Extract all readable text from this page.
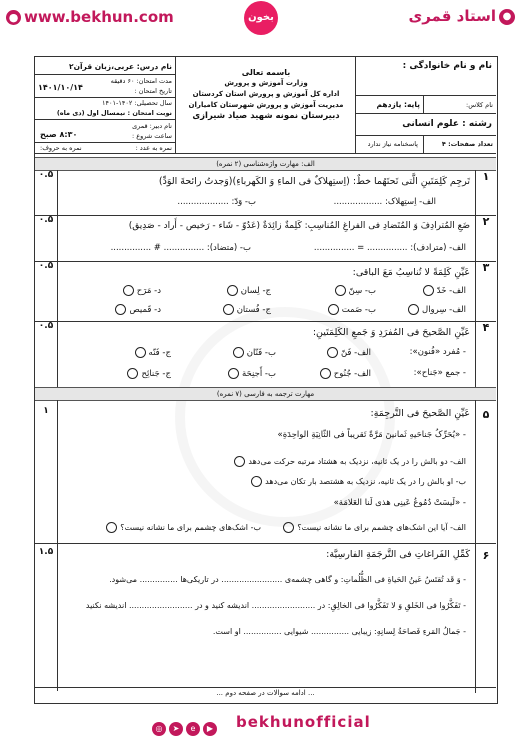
● www.bekhun.com	بخون	●استاد قمری
نام و نام خانوادگی :
نام کلاس:
پایه: یازدهم
رشته : علوم انسانی
تعداد صفحات: ۴
پاسخنامه نیاز ندارد
باسمه تعالی
وزارت آموزش و پرورش
اداره کل آموزش و پرورش استان کردستان
مدیریت آموزش و پرورش شهرستان کامیاران
دبیرستان نمونه شهید صیاد شیرازی
نام درس: عربی،زبان قرآن۲
مدت امتحان: ۶۰ دقیقه
تاریخ امتحان :
۱۴۰۱/۱۰/۱۴
سال تحصیلی: ۱۴۰۲-۱۴۰۱
نوبت امتحان : نیمسال اول (دی ماه)
نام دبیر: قمری
ساعت شروع :
۸:۳۰ صبح
نمره به عدد :
نمره به حروف:
الف: مهارت واژه‌شناسی (۲ نمره)
۱
۰.۵
تَرجِم کَلِمَتَینِ الَّتی تَحتَهُما خطٌ: (اِستِهلاکٌ فی الماءِ وَ الکَهرباءِ)(وَجدتُ رائحةَ الوَدِّ)
الف- اِستِهلاک: ..................
ب- وَدّ: ...................
۲
۰.۵
ضَعِ المُترادِفَ وَ المُتَضادِ فی الفراغِ المُناسِبِ: کَلِمةٌ زائِدَةٌ (عَدُوّ - شَاء - رَخيص - أَراد - صَدِیق)
الف- (مترادف): ............... = ...............
ب- (متضاد): ............... # ...............
۳
۰.۵
عَیِّنِ کَلِمَةً لا تُناسِبُ مَعَ الباقی:
الف- خَدّ
ب- سِنّ
ج- لِسان
د- مَرَح
الف- سِروال
ب- صَمت
ج- فُستان
د- قَمیص
۴
۰.۵
عَیِّنِ الصَّحیحَ فی المُفرَدِ وَ جَمعِ الکَلِمَتَینِ:
- مُفرد «فُنون»:
الف- فَنّ
ب- فَنّان
ج- فَنّه
- جمع «جَناح»:
الف- جُنُوح
ب- أَجنِحَة
ج- جَنائِح
مهارت ترجمه به فارسی (۷ نمره)
۵
۱	عَیِّنِ الصَّحیحَ فی التَّرجِمَةِ:
- «یُحَرِّکُ جَناحَیهِ ثَمانینَ مَرَّةً تَقریباً فی الثّانِیَةِ الواحِدَةِ»
الف- دو بالش را در یک ثانیه، نزدیک به هشتاد مرتبه حرکت می‌دهد
ب- او بالش را در یک ثانیه، نزدیک به هشتصد بار تکان می‌دهد
- «لَیسَتْ دُمُوعُ عَینِی هذی لَنا العَلامَة»
الف- آیا این اشک‌های چشمم برای ما نشانه نیست؟
ب- اشک‌های چشمم برای ما نشانه نیست؟
۶
۱.۵	کَمِّلِ الفَراغاتِ فی التَّرجَمَةِ الفارسِیَّة:
- وَ قَد تُقتَسُ عَینُ الحَیاةِ فی الظُّلُماتِ: و گاهی چشمه‌ی ........................ در تاریکی‌ها ............... می‌شود.
- تَفَکَّرُوا فی الخَلقِ وَ لا تَفَکَّرُوا فی الخالِقِ: در ......................... اندیشه کنید و در ......................... اندیشه نکنید
- جَمالُ المَرءِ فَصاحَةُ لِسانِهِ: زیبایی ............... شیوایی ............... او است.
... ادامه سوالات در صفحه دوم ...
◎ ➤ e ▶	bekhunofficial
